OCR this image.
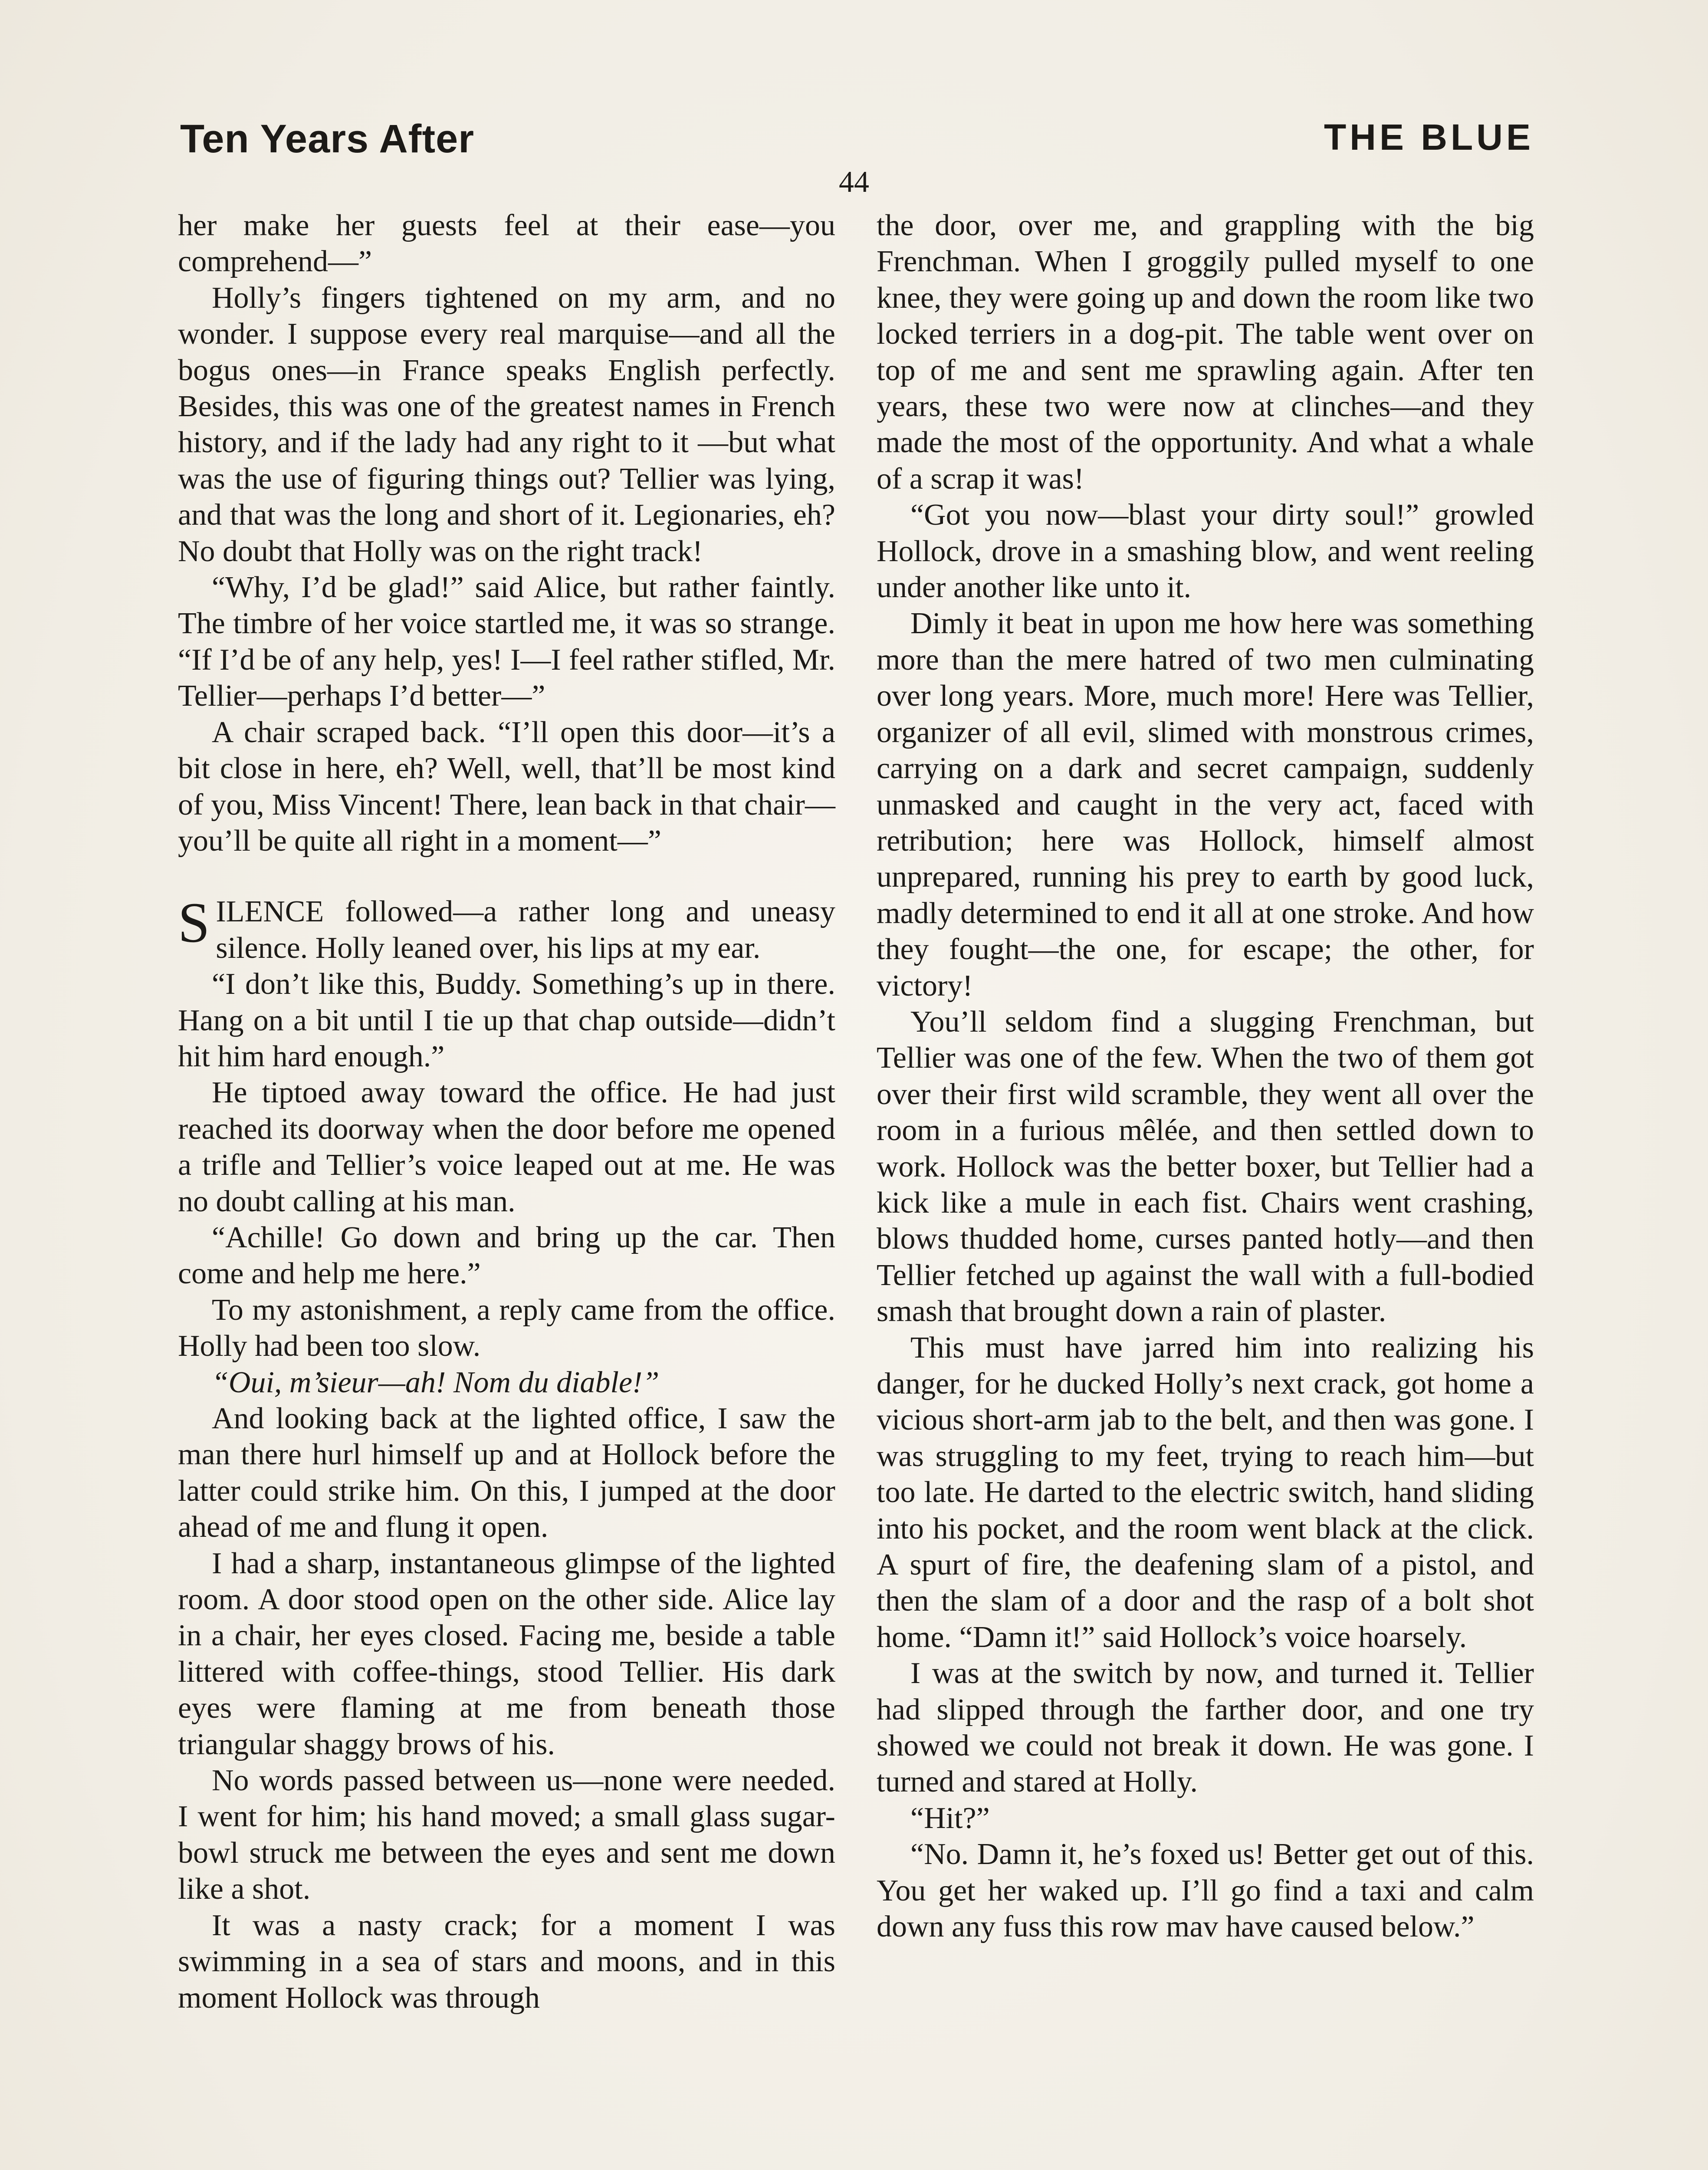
Ten Years After	THE BLUE
44

her make her guests feel at their ease—you comprehend—”

Holly’s fingers tightened on my arm, and no wonder. I suppose every real marquise—and all the bogus ones—in France speaks English perfectly. Besides, this was one of the greatest names in French history, and if the lady had any right to it —but what was the use of figuring things out? Tellier was lying, and that was the long and short of it. Legionaries, eh? No doubt that Holly was on the right track!

“Why, I’d be glad!” said Alice, but rather faintly. The timbre of her voice startled me, it was so strange. “If I’d be of any help, yes! I—I feel rather stifled, Mr. Tellier—perhaps I’d better—”

A chair scraped back. “I’ll open this door—it’s a bit close in here, eh? Well, well, that’ll be most kind of you, Miss Vincent! There, lean back in that chair—you’ll be quite all right in a moment—”

SILENCE followed—a rather long and uneasy silence. Holly leaned over, his lips at my ear.

“I don’t like this, Buddy. Something’s up in there. Hang on a bit until I tie up that chap outside—didn’t hit him hard enough.”

He tiptoed away toward the office. He had just reached its doorway when the door before me opened a trifle and Tellier’s voice leaped out at me. He was no doubt calling at his man.

“Achille! Go down and bring up the car. Then come and help me here.”

To my astonishment, a reply came from the office. Holly had been too slow.

“Oui, m’sieur—ah! Nom du diable!”

And looking back at the lighted office, I saw the man there hurl himself up and at Hollock before the latter could strike him. On this, I jumped at the door ahead of me and flung it open.

I had a sharp, instantaneous glimpse of the lighted room. A door stood open on the other side. Alice lay in a chair, her eyes closed. Facing me, beside a table littered with coffee-things, stood Tellier. His dark eyes were flaming at me from beneath those triangular shaggy brows of his.

No words passed between us—none were needed. I went for him; his hand moved; a small glass sugar-bowl struck me between the eyes and sent me down like a shot.

It was a nasty crack; for a moment I was swimming in a sea of stars and moons, and in this moment Hollock was through

the door, over me, and grappling with the big Frenchman. When I groggily pulled myself to one knee, they were going up and down the room like two locked terriers in a dog-pit. The table went over on top of me and sent me sprawling again. After ten years, these two were now at clinches—and they made the most of the opportunity. And what a whale of a scrap it was!

“Got you now—blast your dirty soul!” growled Hollock, drove in a smashing blow, and went reeling under another like unto it.

Dimly it beat in upon me how here was something more than the mere hatred of two men culminating over long years. More, much more! Here was Tellier, organizer of all evil, slimed with monstrous crimes, carrying on a dark and secret campaign, suddenly unmasked and caught in the very act, faced with retribution; here was Hollock, himself almost unprepared, running his prey to earth by good luck, madly determined to end it all at one stroke. And how they fought—the one, for escape; the other, for victory!

You’ll seldom find a slugging Frenchman, but Tellier was one of the few. When the two of them got over their first wild scramble, they went all over the room in a furious mêlée, and then settled down to work. Hollock was the better boxer, but Tellier had a kick like a mule in each fist. Chairs went crashing, blows thudded home, curses panted hotly—and then Tellier fetched up against the wall with a full-bodied smash that brought down a rain of plaster.

This must have jarred him into realizing his danger, for he ducked Holly’s next crack, got home a vicious short-arm jab to the belt, and then was gone. I was struggling to my feet, trying to reach him—but too late. He darted to the electric switch, hand sliding into his pocket, and the room went black at the click. A spurt of fire, the deafening slam of a pistol, and then the slam of a door and the rasp of a bolt shot home. “Damn it!” said Hollock’s voice hoarsely.

I was at the switch by now, and turned it. Tellier had slipped through the farther door, and one try showed we could not break it down. He was gone. I turned and stared at Holly.

“Hit?”

“No. Damn it, he’s foxed us! Better get out of this. You get her waked up. I’ll go find a taxi and calm down any fuss this row mav have caused below.”
